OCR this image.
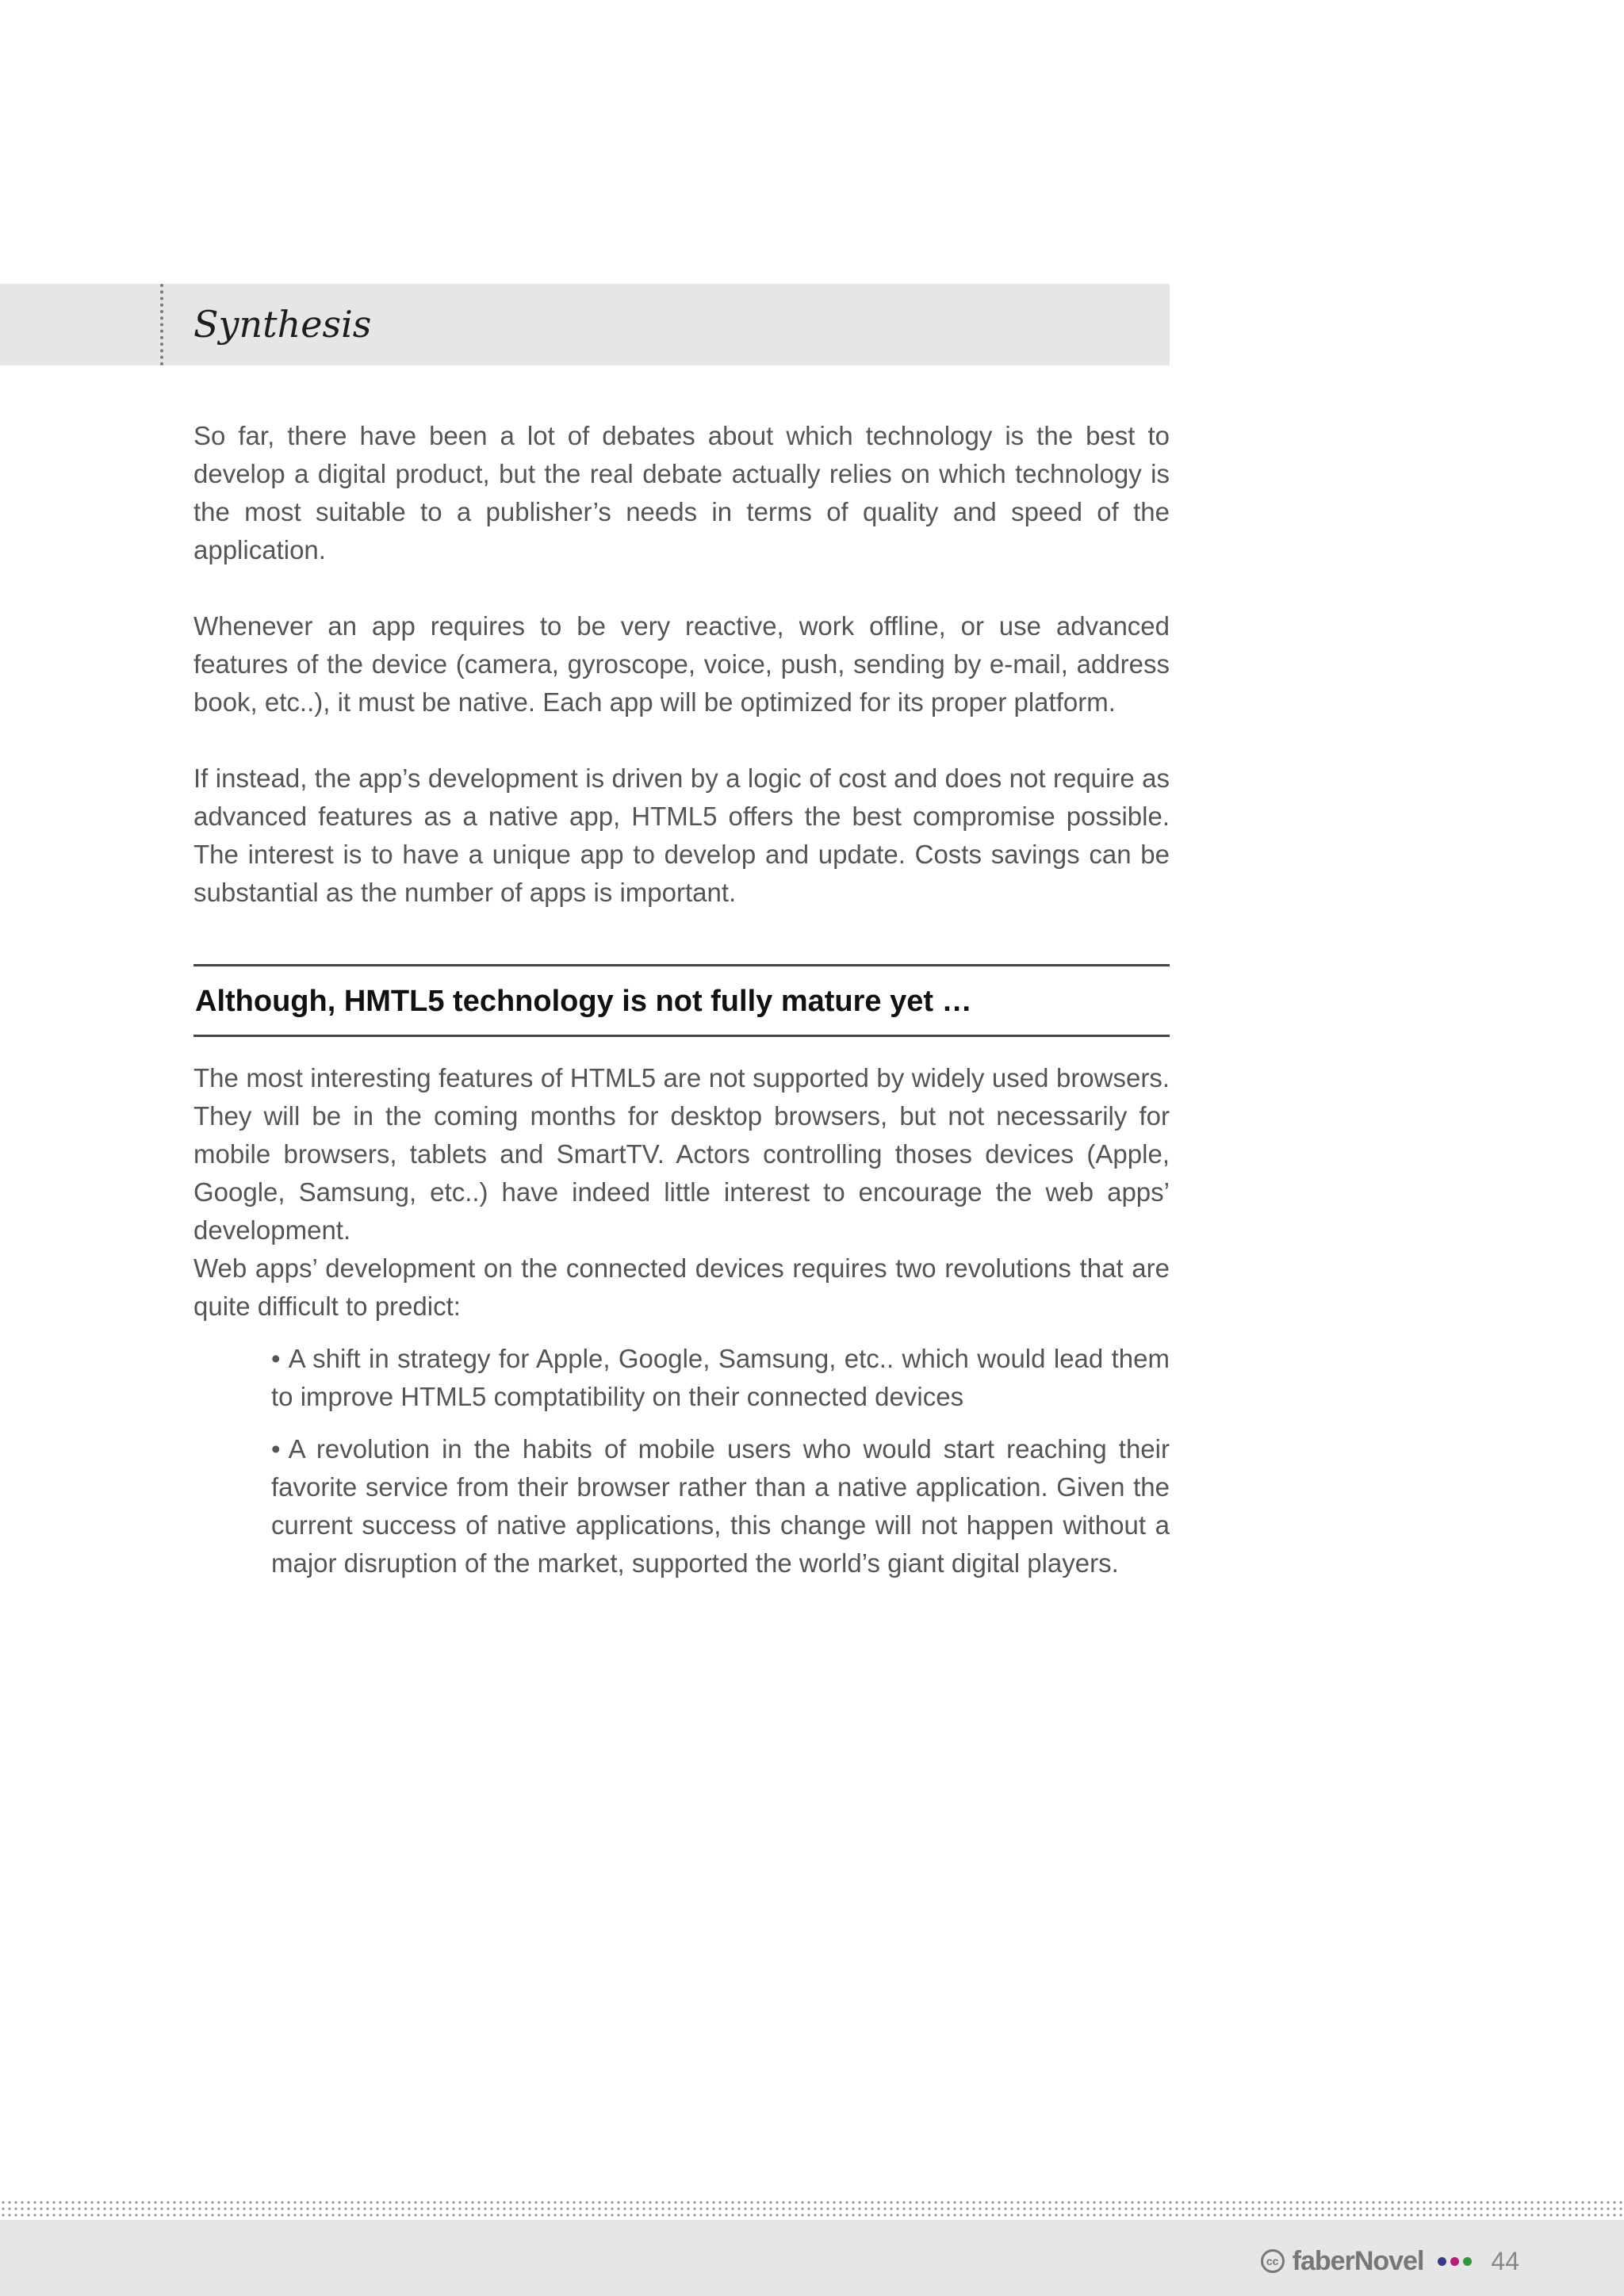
Synthesis

So far, there have been a lot of debates about which technology is the best to develop a digital product, but the real debate actually relies on which technology is the most suitable to a publisher’s needs in terms of quality and speed of the application.

Whenever an app requires to be very reactive, work offline, or use advanced features of the device (camera, gyroscope, voice, push, sending by e-mail, address book, etc..), it must be native. Each app will be optimized for its proper platform.

If instead, the app’s development is driven by a logic of cost and does not require as advanced features as a native app, HTML5 offers the best compromise possible. The interest is to have a unique app to develop and update. Costs savings can be substantial as the number of apps is important.

Although, HMTL5 technology is not fully mature yet …

The most interesting features of HTML5 are not supported by widely used browsers. They will be in the coming months for desktop browsers, but not necessarily for mobile browsers, tablets and SmartTV. Actors controlling thoses devices (Apple, Google, Samsung, etc..) have indeed little interest to encourage the web apps’ development.

Web apps’ development on the connected devices requires two revolutions that are quite difficult to predict:

• A shift in strategy for Apple, Google, Samsung, etc.. which would lead them to improve HTML5 comptatibility on their connected devices
• A revolution in the habits of mobile users who would start reaching their favorite service from their browser rather than a native application. Given the current success of native applications, this change will not happen without a major disruption of the market, supported the world’s giant digital players.
cc faberNovel	44
